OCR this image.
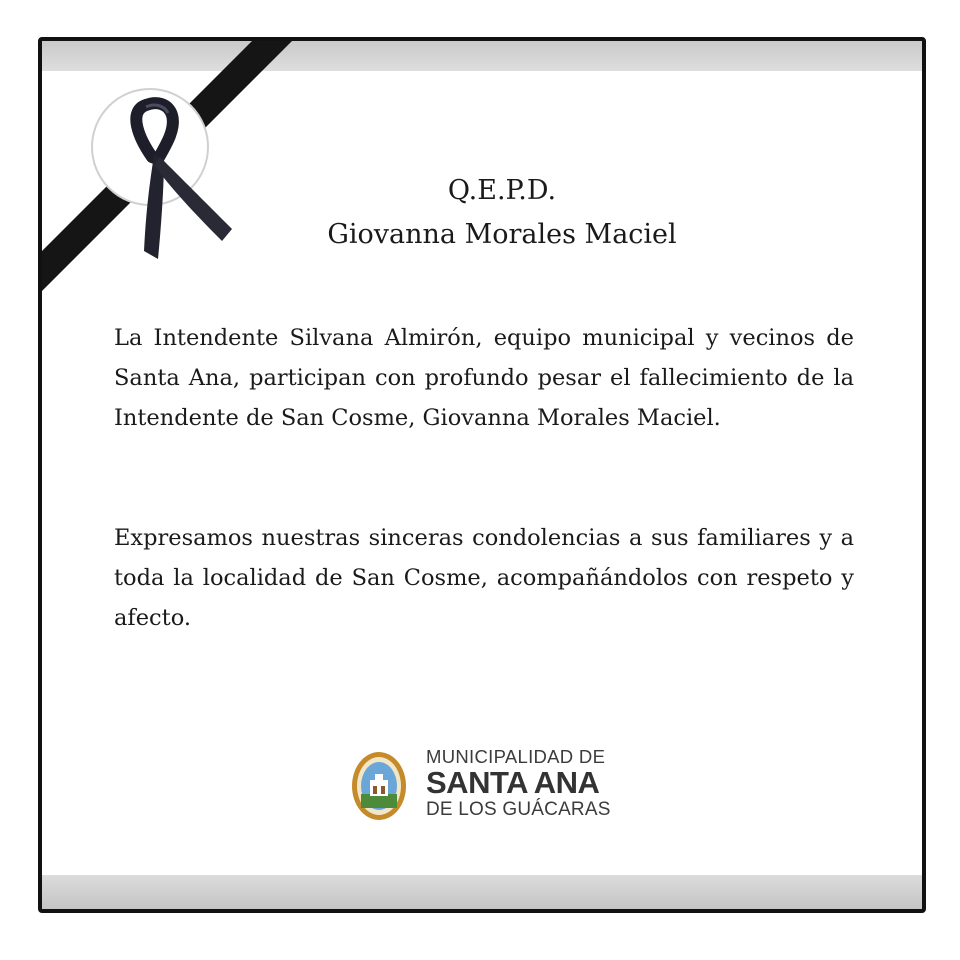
Q.E.P.D.
Giovanna Morales Maciel

La Intendente Silvana Almirón, equipo municipal y vecinos de Santa Ana, participan con profundo pesar el fallecimiento de la Intendente de San Cosme, Giovanna Morales Maciel.

Expresamos nuestras sinceras condolencias a sus familiares y a toda la localidad de San Cosme, acompañándolos con respeto y afecto.

MUNICIPALIDAD DE
SANTA ANA
DE LOS GUÁCARAS
